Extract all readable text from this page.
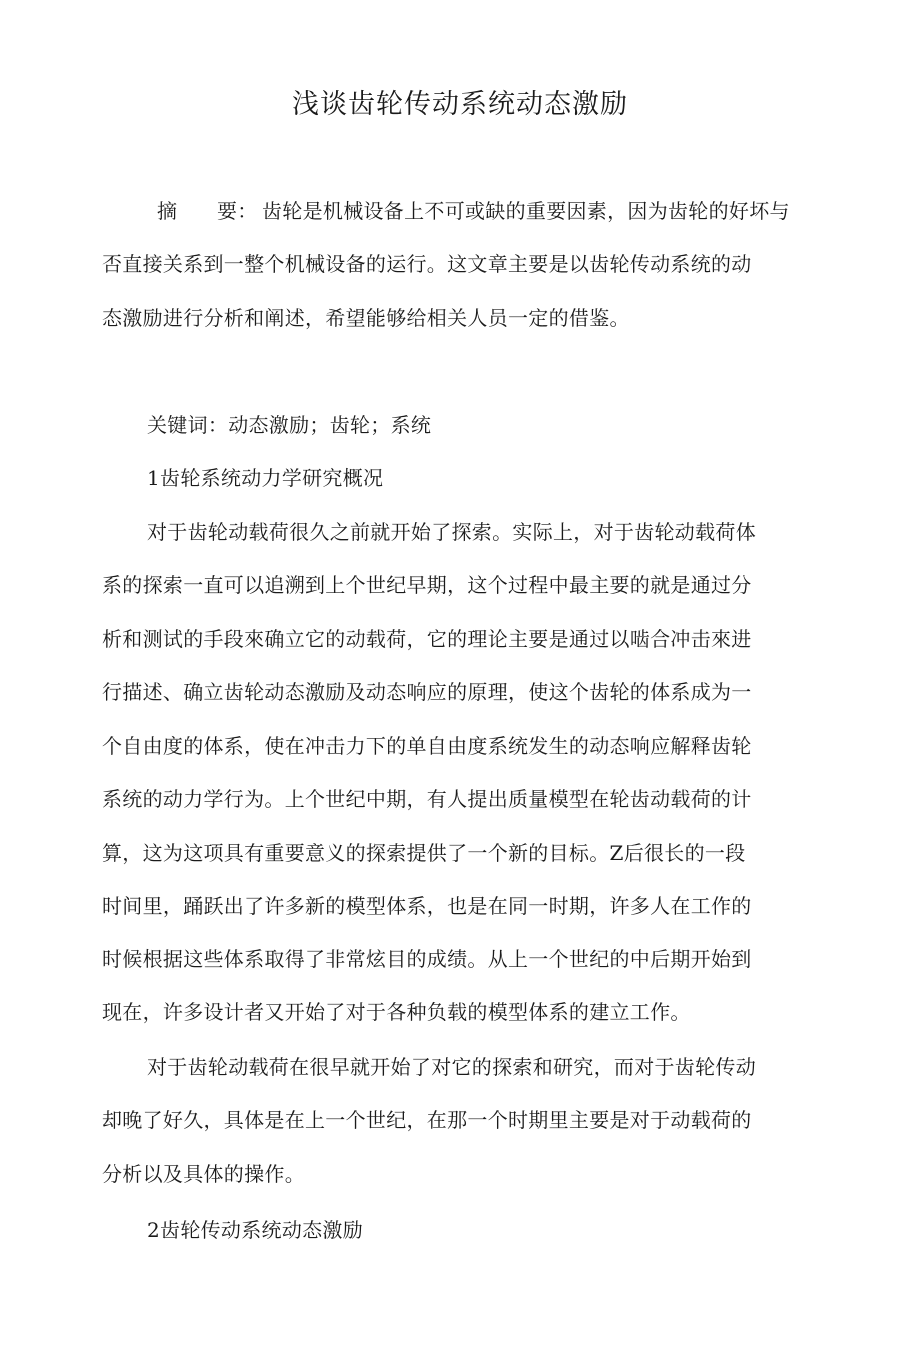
浅谈齿轮传动系统动态激励
摘 要： 齿轮是机械设备上不可或缺的重要因素，因为齿轮的好坏与
否直接关系到一整个机械设备的运行。这文章主要是以齿轮传动系统的动
态激励进行分析和阐述，希望能够给相关人员一定的借鉴。
关键词：动态激励；齿轮；系统
1齿轮系统动力学研究概况
对于齿轮动载荷很久之前就开始了探索。实际上，对于齿轮动载荷体
系的探索一直可以追溯到上个世纪早期，这个过程中最主要的就是通过分
析和测试的手段來确立它的动载荷，它的理论主要是通过以啮合冲击來进
行描述、确立齿轮动态激励及动态响应的原理，使这个齿轮的体系成为一
个自由度的体系，使在冲击力下的单自由度系统发生的动态响应解释齿轮
系统的动力学行为。上个世纪中期，有人提出质量模型在轮齿动载荷的计
算，这为这项具有重要意义的探索提供了一个新的目标。Z后很长的一段
时间里，踊跃出了许多新的模型体系，也是在同一时期，许多人在工作的
时候根据这些体系取得了非常炫目的成绩。从上一个世纪的中后期开始到
现在，许多设计者又开始了对于各种负载的模型体系的建立工作。
对于齿轮动载荷在很早就开始了对它的探索和研究，而对于齿轮传动
却晚了好久，具体是在上一个世纪，在那一个时期里主要是对于动载荷的
分析以及具体的操作。
2齿轮传动系统动态激励
